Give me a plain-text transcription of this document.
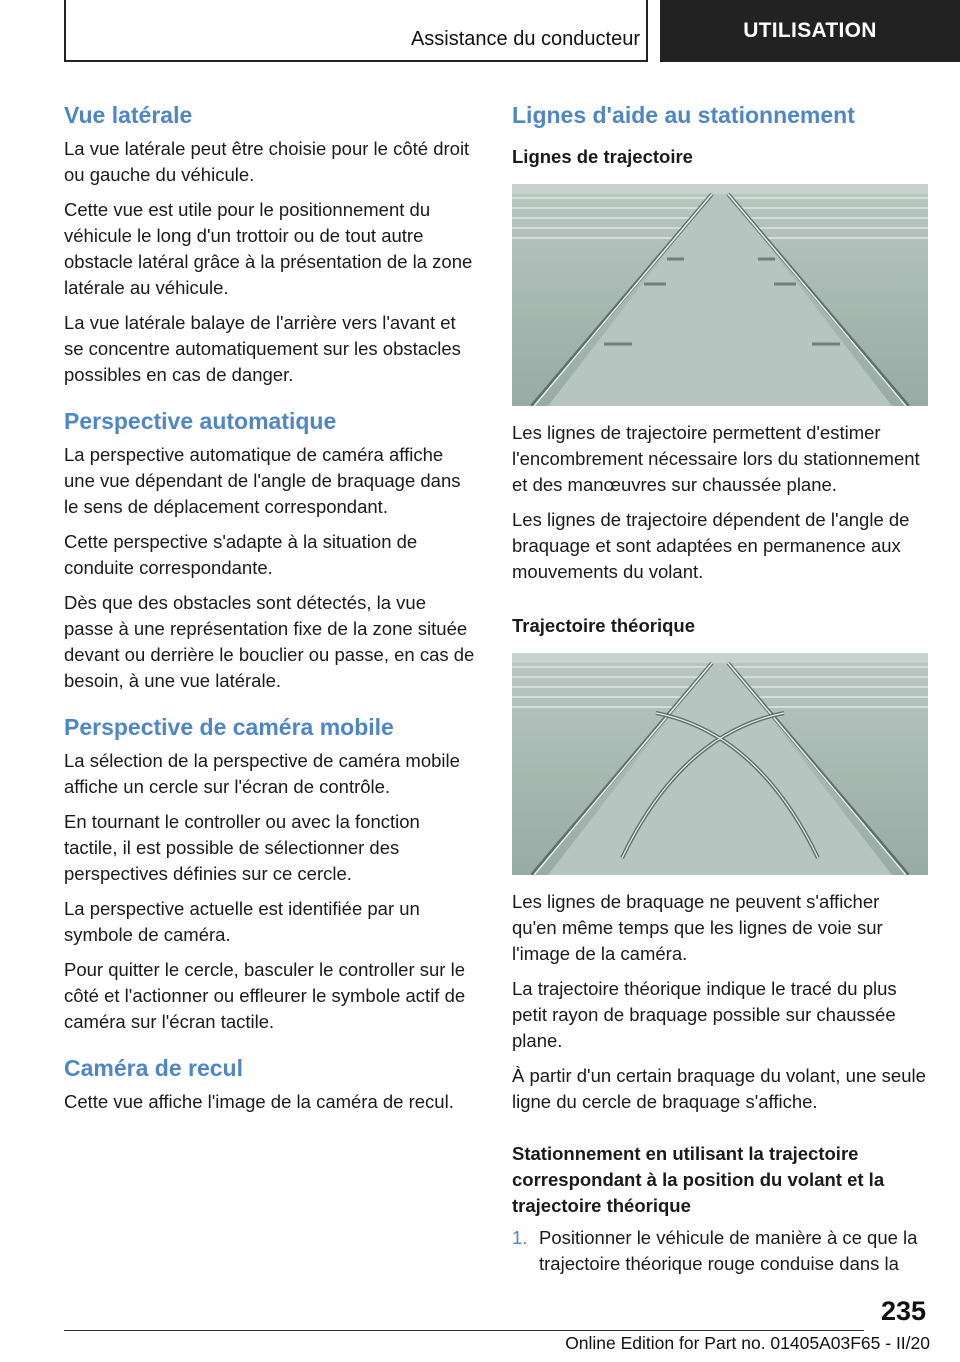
Assistance du conducteur	UTILISATION
Vue latérale

La vue latérale peut être choisie pour le côté droit ou gauche du véhicule.

Cette vue est utile pour le positionnement du véhicule le long d'un trottoir ou de tout autre obstacle latéral grâce à la présentation de la zone latérale au véhicule.

La vue latérale balaye de l'arrière vers l'avant et se concentre automatiquement sur les obstacles possibles en cas de danger.

Perspective automatique

La perspective automatique de caméra affiche une vue dépendant de l'angle de braquage dans le sens de déplacement correspondant.

Cette perspective s'adapte à la situation de conduite correspondante.

Dès que des obstacles sont détectés, la vue passe à une représentation fixe de la zone située devant ou derrière le bouclier ou passe, en cas de besoin, à une vue latérale.

Perspective de caméra mobile

La sélection de la perspective de caméra mobile affiche un cercle sur l'écran de contrôle.

En tournant le controller ou avec la fonction tactile, il est possible de sélectionner des perspectives définies sur ce cercle.

La perspective actuelle est identifiée par un symbole de caméra.

Pour quitter le cercle, basculer le controller sur le côté et l'actionner ou effleurer le symbole actif de caméra sur l'écran tactile.

Caméra de recul

Cette vue affiche l'image de la caméra de recul.

Lignes d'aide au stationnement
Lignes de trajectoire

Les lignes de trajectoire permettent d'estimer l'encombrement nécessaire lors du stationnement et des manœuvres sur chaussée plane.

Les lignes de trajectoire dépendent de l'angle de braquage et sont adaptées en permanence aux mouvements du volant.

Trajectoire théorique

Les lignes de braquage ne peuvent s'afficher qu'en même temps que les lignes de voie sur l'image de la caméra.

La trajectoire théorique indique le tracé du plus petit rayon de braquage possible sur chaussée plane.

À partir d'un certain braquage du volant, une seule ligne du cercle de braquage s'affiche.

Stationnement en utilisant la trajectoire correspondant à la position du volant et la trajectoire théorique
1. Positionner le véhicule de manière à ce que la trajectoire théorique rouge conduise dans la
235
Online Edition for Part no. 01405A03F65 - II/20
